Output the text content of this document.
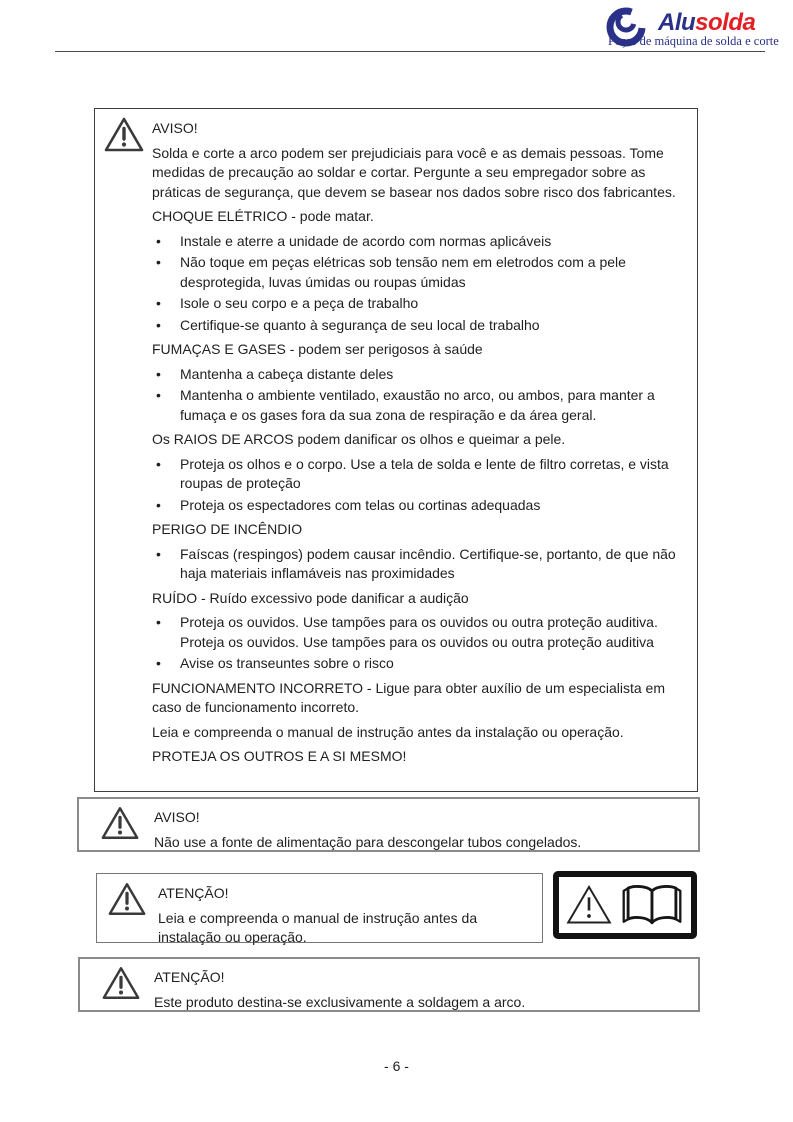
Alusolda
Peças de máquina de solda e corte

AVISO!

Solda e corte a arco podem ser prejudiciais para você e as demais pessoas. Tome medidas de precaução ao soldar e cortar. Pergunte a seu empregador sobre as práticas de segurança, que devem se basear nos dados sobre risco dos fabricantes.

CHOQUE ELÉTRICO - pode matar.

• Instale e aterre a unidade de acordo com normas aplicáveis
• Não toque em peças elétricas sob tensão nem em eletrodos com a pele desprotegida, luvas úmidas ou roupas úmidas
• Isole o seu corpo e a peça de trabalho
• Certifique-se quanto à segurança de seu local de trabalho

FUMAÇAS E GASES - podem ser perigosos à saúde

• Mantenha a cabeça distante deles
• Mantenha o ambiente ventilado, exaustão no arco, ou ambos, para manter a fumaça e os gases fora da sua zona de respiração e da área geral.

Os RAIOS DE ARCOS podem danificar os olhos e queimar a pele.

• Proteja os olhos e o corpo. Use a tela de solda e lente de filtro corretas, e vista roupas de proteção
• Proteja os espectadores com telas ou cortinas adequadas

PERIGO DE INCÊNDIO

• Faíscas (respingos) podem causar incêndio. Certifique-se, portanto, de que não haja materiais inflamáveis nas proximidades

RUÍDO - Ruído excessivo pode danificar a audição

• Proteja os ouvidos. Use tampões para os ouvidos ou outra proteção auditiva. Proteja os ouvidos. Use tampões para os ouvidos ou outra proteção auditiva
• Avise os transeuntes sobre o risco

FUNCIONAMENTO INCORRETO - Ligue para obter auxílio de um especialista em caso de funcionamento incorreto.

Leia e compreenda o manual de instrução antes da instalação ou operação.

PROTEJA OS OUTROS E A SI MESMO!

AVISO!

Não use a fonte de alimentação para descongelar tubos congelados.

ATENÇÃO!

Leia e compreenda o manual de instrução antes da instalação ou operação.

ATENÇÃO!

Este produto destina-se exclusivamente a soldagem a arco.

- 6 -
